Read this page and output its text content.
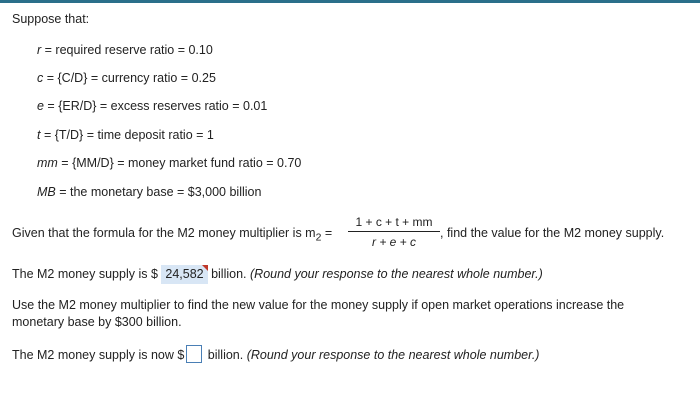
Suppose that:
r = required reserve ratio = 0.10
c = {C/D} = currency ratio = 0.25
e = {ER/D} = excess reserves ratio = 0.01
t = {T/D} = time deposit ratio = 1
mm = {MM/D} = money market fund ratio = 0.70
MB = the monetary base = $3,000 billion
Given that the formula for the M2 money multiplier is $m_2$ =
1 + c + t + mm
r + e + c
, find the value for the M2 money supply.
The M2 money supply is $ 24,582
billion. (Round your response to the nearest whole number.)
Use the M2 money multiplier to find the new value for the money supply if open market operations increase the monetary base by $300 billion.
The M2 money supply is now $ billion. (Round your response to the nearest whole number.)
